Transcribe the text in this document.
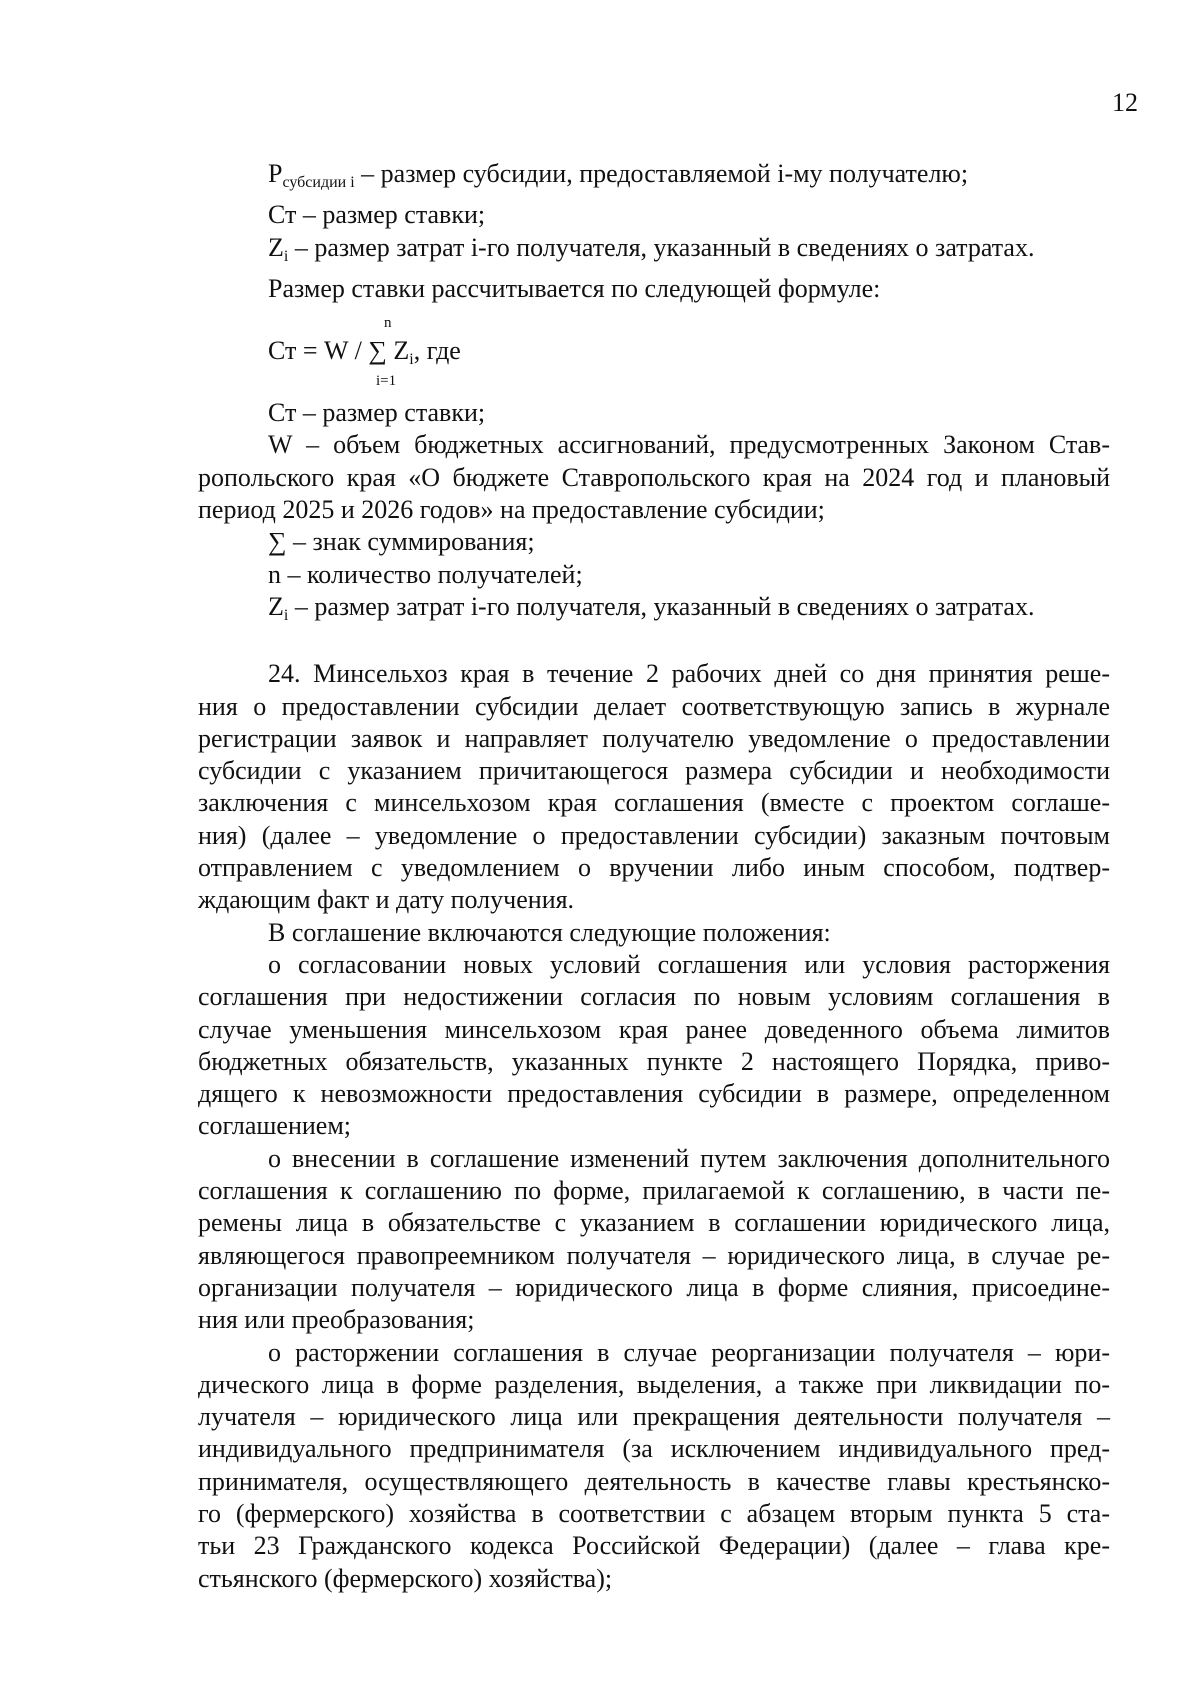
12
$Р_{субсидии i}$ – размер субсидии, предоставляемой i-му получателю;
Ст – размер ставки;
$Z_i$ – размер затрат i-го получателя, указанный в сведениях о затратах.
Размер ставки рассчитывается по следующей формуле:
n
Ст = W / ∑ $Z_i$, где
i=1
Ст – размер ставки;
W – объем бюджетных ассигнований, предусмотренных Законом Став-
ропольского края «О бюджете Ставропольского края на 2024 год и плановый
период 2025 и 2026 годов» на предоставление субсидии;
∑ – знак суммирования;
n – количество получателей;
$Z_i$ – размер затрат i-го получателя, указанный в сведениях о затратах.
24. Минсельхоз края в течение 2 рабочих дней со дня принятия реше-
ния о предоставлении субсидии делает соответствующую запись в журнале
регистрации заявок и направляет получателю уведомление о предоставлении
субсидии с указанием причитающегося размера субсидии и необходимости
заключения с минсельхозом края соглашения (вместе с проектом соглаше-
ния) (далее – уведомление о предоставлении субсидии) заказным почтовым
отправлением с уведомлением о вручении либо иным способом, подтвер-
ждающим факт и дату получения.
В соглашение включаются следующие положения:
о согласовании новых условий соглашения или условия расторжения
соглашения при недостижении согласия по новым условиям соглашения в
случае уменьшения минсельхозом края ранее доведенного объема лимитов
бюджетных обязательств, указанных пункте 2 настоящего Порядка, приво-
дящего к невозможности предоставления субсидии в размере, определенном
соглашением;
о внесении в соглашение изменений путем заключения дополнительного
соглашения к соглашению по форме, прилагаемой к соглашению, в части пе-
ремены лица в обязательстве с указанием в соглашении юридического лица,
являющегося правопреемником получателя – юридического лица, в случае ре-
организации получателя – юридического лица в форме слияния, присоедине-
ния или преобразования;
о расторжении соглашения в случае реорганизации получателя – юри-
дического лица в форме разделения, выделения, а также при ликвидации по-
лучателя – юридического лица или прекращения деятельности получателя –
индивидуального предпринимателя (за исключением индивидуального пред-
принимателя, осуществляющего деятельность в качестве главы крестьянско-
го (фермерского) хозяйства в соответствии с абзацем вторым пункта 5 ста-
тьи 23 Гражданского кодекса Российской Федерации) (далее – глава кре-
стьянского (фермерского) хозяйства);
